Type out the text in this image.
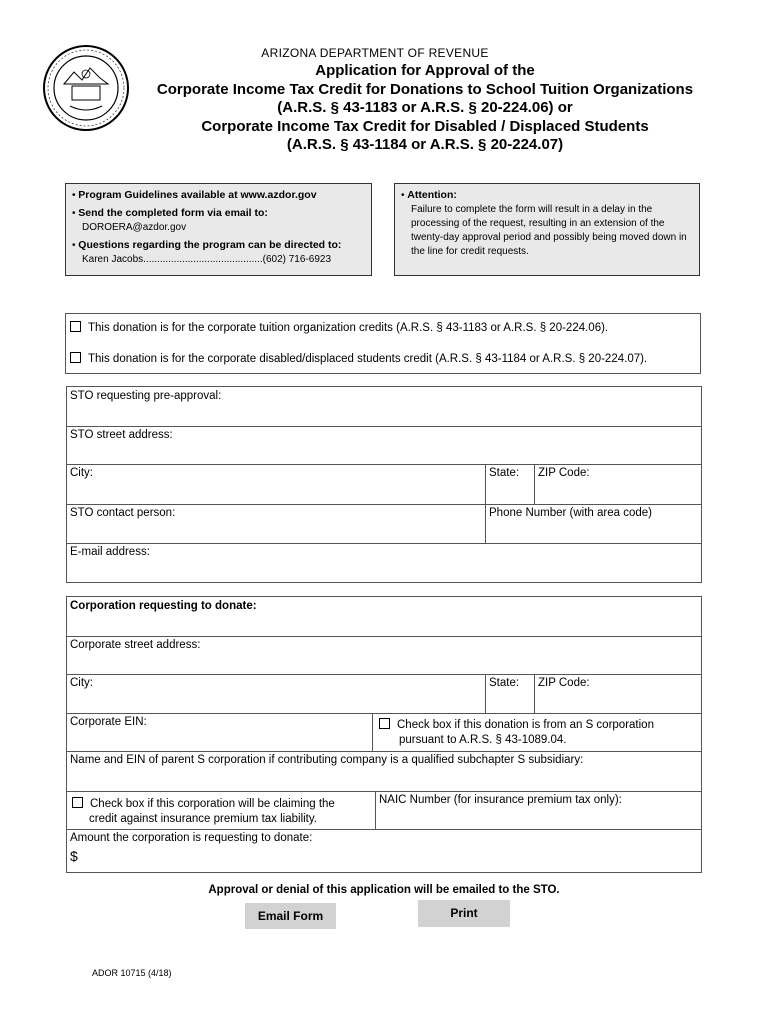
ARIZONA DEPARTMENT OF REVENUE
Application for Approval of the
Corporate Income Tax Credit for Donations to School Tuition Organizations
(A.R.S. § 43-1183 or A.R.S. § 20-224.06) or
Corporate Income Tax Credit for Disabled / Displaced Students
(A.R.S. § 43-1184 or A.R.S. § 20-224.07)
• Program Guidelines available at www.azdor.gov
• Send the completed form via email to:
DOROERA@azdor.gov
• Questions regarding the program can be directed to:
Karen Jacobs...........................................(602) 716-6923
• Attention:
Failure to complete the form will result in a delay in the processing of the request, resulting in an extension of the twenty-day approval period and possibly being moved down in the line for credit requests.
This donation is for the corporate tuition organization credits (A.R.S. § 43-1183 or A.R.S. § 20-224.06).
This donation is for the corporate disabled/displaced students credit (A.R.S. § 43-1184 or A.R.S. § 20-224.07).
STO requesting pre-approval:
STO street address:
City:	State:	ZIP Code:
STO contact person:	Phone Number (with area code)
E-mail address:
Corporation requesting to donate:
Corporate street address:
City:	State:	ZIP Code:
Corporate EIN:	Check box if this donation is from an S corporation
pursuant to A.R.S. § 43-1089.04.
Name and EIN of parent S corporation if contributing company is a qualified subchapter S subsidiary:
Check box if this corporation will be claiming the
credit against insurance premium tax liability.
NAIC Number (for insurance premium tax only):
Amount the corporation is requesting to donate:
$
Approval or denial of this application will be emailed to the STO.
Email Form	Print
ADOR 10715 (4/18)
